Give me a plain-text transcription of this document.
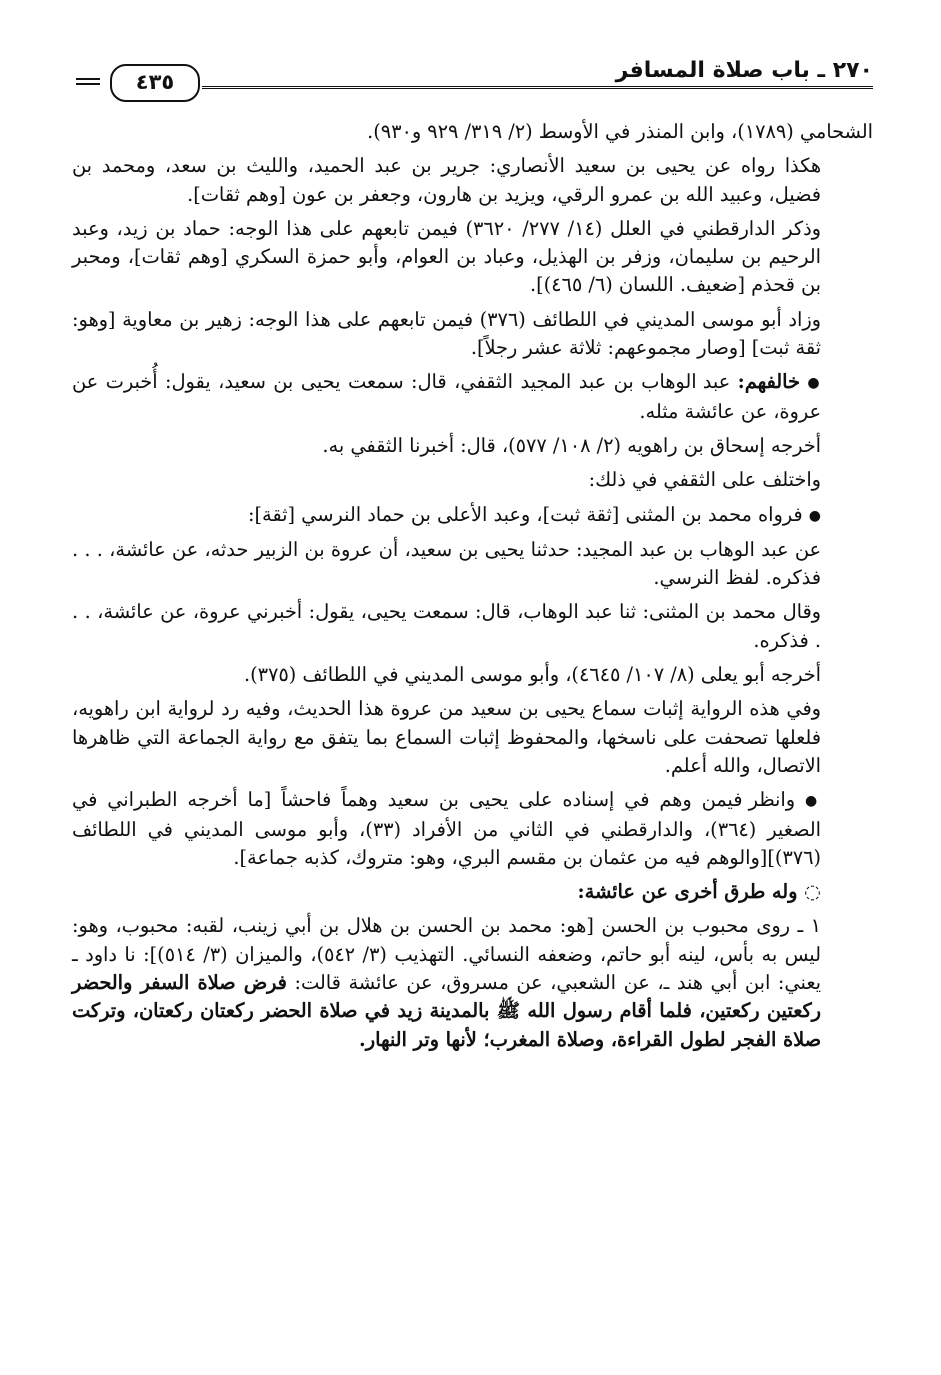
٢٧٠ ـ باب صلاة المسافر
٤٣٥

الشحامي (١٧٨٩)، وابن المنذر في الأوسط (٢/ ٣١٩/ ٩٢٩ و٩٣٠).

هكذا رواه عن يحيى بن سعيد الأنصاري: جرير بن عبد الحميد، والليث بن سعد، ومحمد بن فضيل، وعبيد الله بن عمرو الرقي، ويزيد بن هارون، وجعفر بن عون [وهم ثقات].

وذكر الدارقطني في العلل (١٤/ ٢٧٧/ ٣٦٢٠) فيمن تابعهم على هذا الوجه: حماد بن زيد، وعبد الرحيم بن سليمان، وزفر بن الهذيل، وعباد بن العوام، وأبو حمزة السكري [وهم ثقات]، ومحبر بن قحذم [ضعيف. اللسان (٦/ ٤٦٥)].

وزاد أبو موسى المديني في اللطائف (٣٧٦) فيمن تابعهم على هذا الوجه: زهير بن معاوية [وهو: ثقة ثبت] [وصار مجموعهم: ثلاثة عشر رجلاً].

● خالفهم: عبد الوهاب بن عبد المجيد الثقفي، قال: سمعت يحيى بن سعيد، يقول: أُخبرت عن عروة، عن عائشة مثله.

أخرجه إسحاق بن راهويه (٢/ ١٠٨/ ٥٧٧)، قال: أخبرنا الثقفي به.

واختلف على الثقفي في ذلك:

● فرواه محمد بن المثنى [ثقة ثبت]، وعبد الأعلى بن حماد النرسي [ثقة]:

عن عبد الوهاب بن عبد المجيد: حدثنا يحيى بن سعيد، أن عروة بن الزبير حدثه، عن عائشة، . . . فذكره. لفظ النرسي.

وقال محمد بن المثنى: ثنا عبد الوهاب، قال: سمعت يحيى، يقول: أخبرني عروة، عن عائشة، . . . فذكره.

أخرجه أبو يعلى (٨/ ١٠٧/ ٤٦٤٥)، وأبو موسى المديني في اللطائف (٣٧٥).

وفي هذه الرواية إثبات سماع يحيى بن سعيد من عروة هذا الحديث، وفيه رد لرواية ابن راهويه، فلعلها تصحفت على ناسخها، والمحفوظ إثبات السماع بما يتفق مع رواية الجماعة التي ظاهرها الاتصال، والله أعلم.

● وانظر فيمن وهم في إسناده على يحيى بن سعيد وهماً فاحشاً [ما أخرجه الطبراني في الصغير (٣٦٤)، والدارقطني في الثاني من الأفراد (٣٣)، وأبو موسى المديني في اللطائف (٣٧٦)][والوهم فيه من عثمان بن مقسم البري، وهو: متروك، كذبه جماعة].

◌ وله طرق أخرى عن عائشة:

١ ـ روى محبوب بن الحسن [هو: محمد بن الحسن بن هلال بن أبي زينب، لقبه: محبوب، وهو: ليس به بأس، لينه أبو حاتم، وضعفه النسائي. التهذيب (٣/ ٥٤٢)، والميزان (٣/ ٥١٤)]: نا داود ـ يعني: ابن أبي هند ـ، عن الشعبي، عن مسروق، عن عائشة قالت: فرض صلاة السفر والحضر ركعتين ركعتين، فلما أقام رسول الله ﷺ بالمدينة زيد في صلاة الحضر ركعتان ركعتان، وتركت صلاة الفجر لطول القراءة، وصلاة المغرب؛ لأنها وتر النهار.
